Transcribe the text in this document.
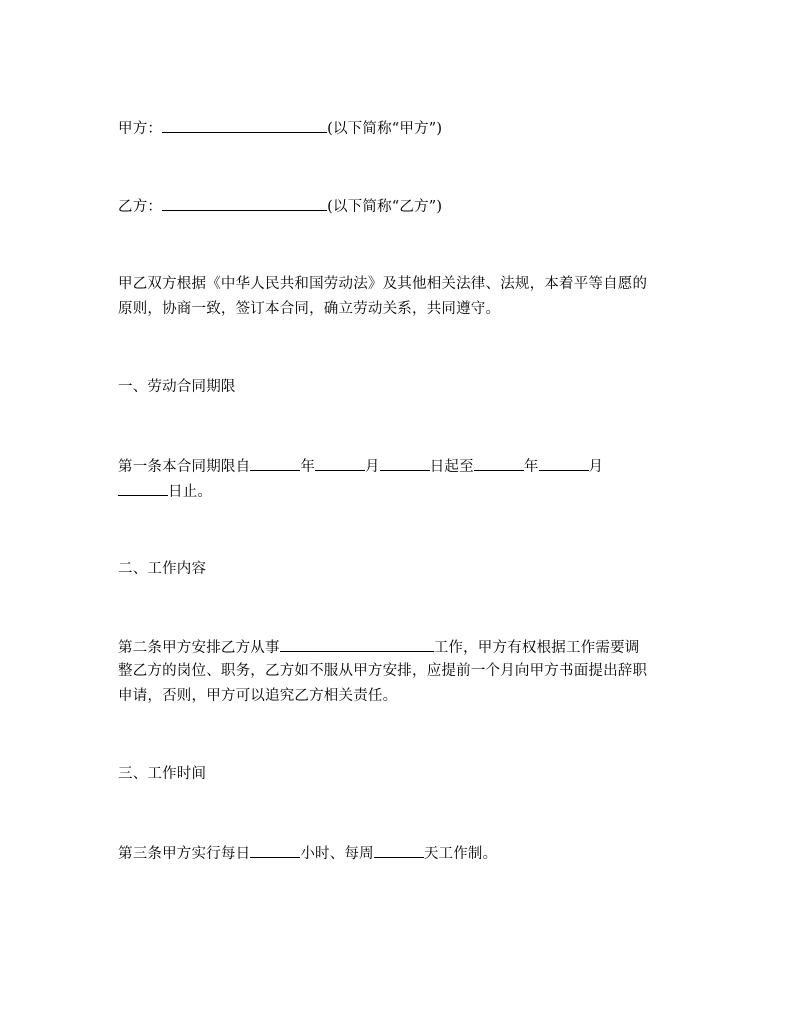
甲方：	(以下简称“甲方”)
乙方：	(以下简称“乙方”)
甲乙双方根据《中华人民共和国劳动法》及其他相关法律、法规，本着平等自愿的
原则，协商一致，签订本合同，确立劳动关系，共同遵守。
一、劳动合同期限
第一条本合同期限自	年	月	日起至	年	月
日止。
二、工作内容
第二条甲方安排乙方从事	工作，甲方有权根据工作需要调
整乙方的岗位、职务，乙方如不服从甲方安排，应提前一个月向甲方书面提出辞职
申请，否则，甲方可以追究乙方相关责任。
三、工作时间
第三条甲方实行每日	小时、每周	天工作制。
